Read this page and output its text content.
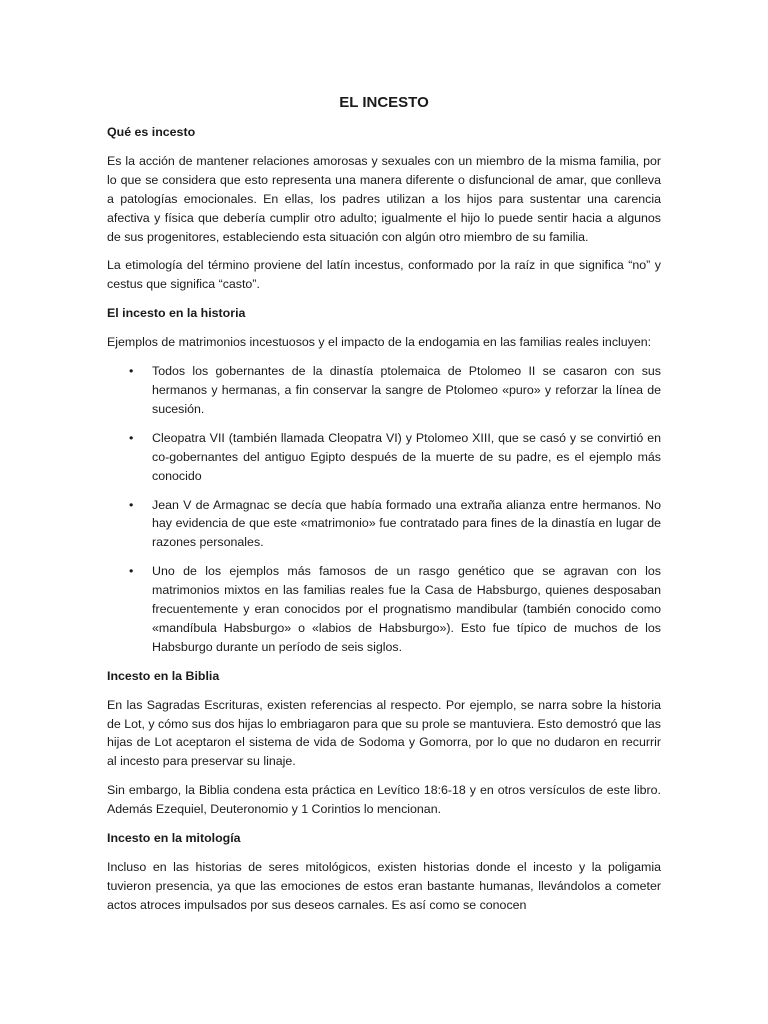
EL INCESTO
Qué es incesto

Es la acción de mantener relaciones amorosas y sexuales con un miembro de la misma familia, por lo que se considera que esto representa una manera diferente o disfuncional de amar, que conlleva a patologías emocionales. En ellas, los padres utilizan a los hijos para sustentar una carencia afectiva y física que debería cumplir otro adulto; igualmente el hijo lo puede sentir hacia a algunos de sus progenitores, estableciendo esta situación con algún otro miembro de su familia.

La etimología del término proviene del latín incestus, conformado por la raíz in que significa “no” y cestus que significa “casto”.

El incesto en la historia

Ejemplos de matrimonios incestuosos y el impacto de la endogamia en las familias reales incluyen:

• Todos los gobernantes de la dinastía ptolemaica de Ptolomeo II se casaron con sus hermanos y hermanas, a fin conservar la sangre de Ptolomeo «puro» y reforzar la línea de sucesión.
• Cleopatra VII (también llamada Cleopatra VI) y Ptolomeo XIII, que se casó y se convirtió en co-gobernantes del antiguo Egipto después de la muerte de su padre, es el ejemplo más conocido
• Jean V de Armagnac se decía que había formado una extraña alianza entre hermanos. No hay evidencia de que este «matrimonio» fue contratado para fines de la dinastía en lugar de razones personales.
• Uno de los ejemplos más famosos de un rasgo genético que se agravan con los matrimonios mixtos en las familias reales fue la Casa de Habsburgo, quienes desposaban frecuentemente y eran conocidos por el prognatismo mandibular (también conocido como «mandíbula Habsburgo» o «labios de Habsburgo»). Esto fue típico de muchos de los Habsburgo durante un período de seis siglos.
Incesto en la Biblia

En las Sagradas Escrituras, existen referencias al respecto. Por ejemplo, se narra sobre la historia de Lot, y cómo sus dos hijas lo embriagaron para que su prole se mantuviera. Esto demostró que las hijas de Lot aceptaron el sistema de vida de Sodoma y Gomorra, por lo que no dudaron en recurrir al incesto para preservar su linaje.

Sin embargo, la Biblia condena esta práctica en Levítico 18:6-18 y en otros versículos de este libro. Además Ezequiel, Deuteronomio y 1 Corintios lo mencionan.

Incesto en la mitología

Incluso en las historias de seres mitológicos, existen historias donde el incesto y la poligamia tuvieron presencia, ya que las emociones de estos eran bastante humanas, llevándolos a cometer actos atroces impulsados por sus deseos carnales. Es así como se conocen
